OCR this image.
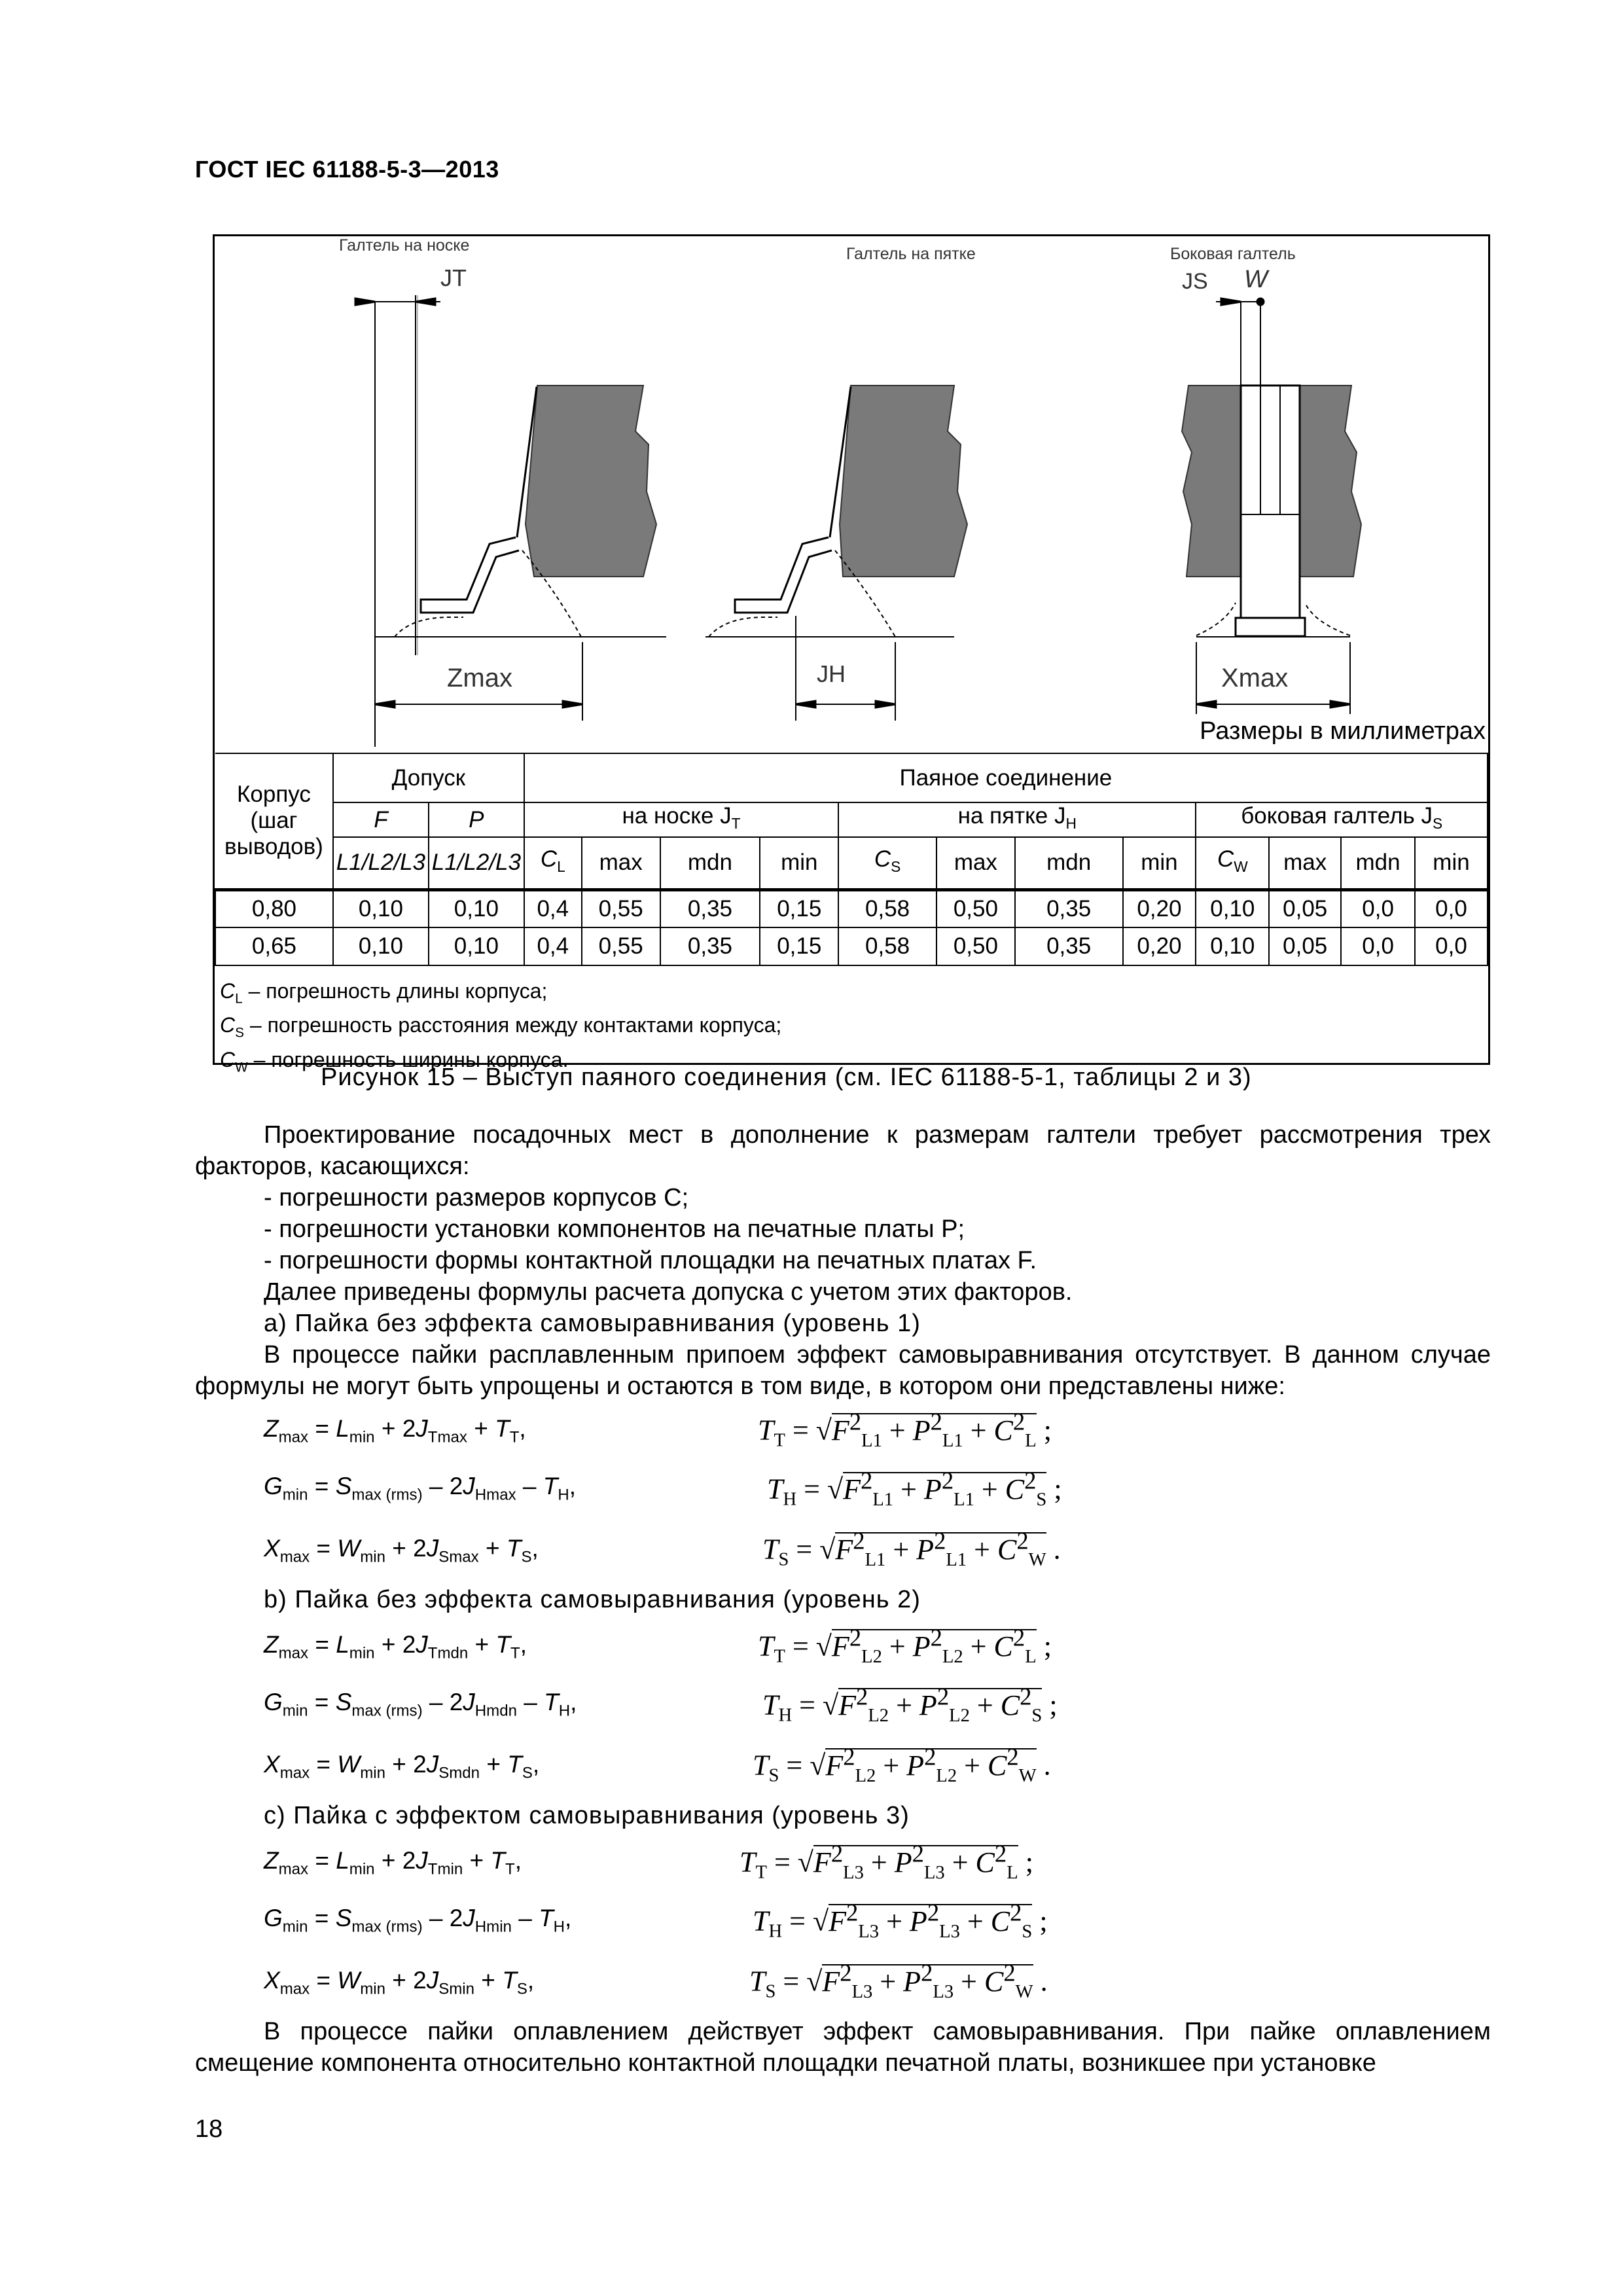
ГОСТ IEC 61188-5-3—2013
Галтель на носке	Галтель на пятке	Боковая галтель
JT	JS W
JH
Zmax	Xmax
Размеры в миллиметрах
Корпус (шаг выводов)	Допуск		Паяное соединение											
	F	P	на носке $J_T$				на пятке $J_H$				боковая галтель $J_S$
	L1/L2/L3	L1/L2/L3	$C_L$	max	mdn	min	$C_S$	max	mdn	min	$C_W$	max	mdn	min
0,80	0,10	0,10	0,4	0,55	0,35	0,15	0,58	0,50	0,35	0,20	0,10	0,05	0,0	0,0
0,65	0,10	0,10	0,4	0,55	0,35	0,15	0,58	0,50	0,35	0,20	0,10	0,05	0,0	0,0
$C_L$ – погрешность длины корпуса;
$C_S$ – погрешность расстояния между контактами корпуса;
$C_W$ – погрешность ширины корпуса.
Рисунок 15 – Выступ паяного соединения (см. IEC 61188-5-1, таблицы 2 и 3)
Проектирование посадочных мест в дополнение к размерам галтели требует рассмотрения трех факторов, касающихся:
- погрешности размеров корпусов C;
- погрешности установки компонентов на печатные платы P;
- погрешности формы контактной площадки на печатных платах F.
Далее приведены формулы расчета допуска с учетом этих факторов.
а) Пайка без эффекта самовыравнивания (уровень 1)
В процессе пайки расплавленным припоем эффект самовыравнивания отсутствует. В данном случае формулы не могут быть упрощены и остаются в том виде, в котором они представлены ниже:
$Z_{max} = L_{min} + 2J_{Tmax} + T_T$,
$G_{min} = S_{max (rms)} - 2J_{Hmax} - T_H$,
$X_{max} = W_{min} + 2J_{Smax} + T_S$,
$T_T = √F^2_{L1} + P^2_{L1} + C^2_L$ ;
$T_H = √F^2_{L1} + P^2_{L1} + C^2_S$ ;
$T_S = √F^2_{L1} + P^2_{L1} + C^2_W$ .
b) Пайка без эффекта самовыравнивания (уровень 2)
$Z_{max} = L_{min} + 2J_{Tmdn} + T_T$,
$G_{min} = S_{max (rms)} - 2J_{Hmdn} - T_H$,
$X_{max} = W_{min} + 2J_{Smdn} + T_S$,
$T_T = √F^2_{L2} + P^2_{L2} + C^2_L$ ;
$T_H = √F^2_{L2} + P^2_{L2} + C^2_S$ ;
$T_S = √F^2_{L2} + P^2_{L2} + C^2_W$ .
c) Пайка с эффектом самовыравнивания (уровень 3)
$Z_{max} = L_{min} + 2J_{Tmin} + T_T$,
$G_{min} = S_{max (rms)} - 2J_{Hmin} - T_H$,
$X_{max} = W_{min} + 2J_{Smin} + T_S$,
$T_T = √F^2_{L3} + P^2_{L3} + C^2_L$ ;
$T_H = √F^2_{L3} + P^2_{L3} + C^2_S$ ;
$T_S = √F^2_{L3} + P^2_{L3} + C^2_W$ .
В процессе пайки оплавлением действует эффект самовыравнивания. При пайке оплавлением смещение компонента относительно контактной площадки печатной платы, возникшее при установке
18
